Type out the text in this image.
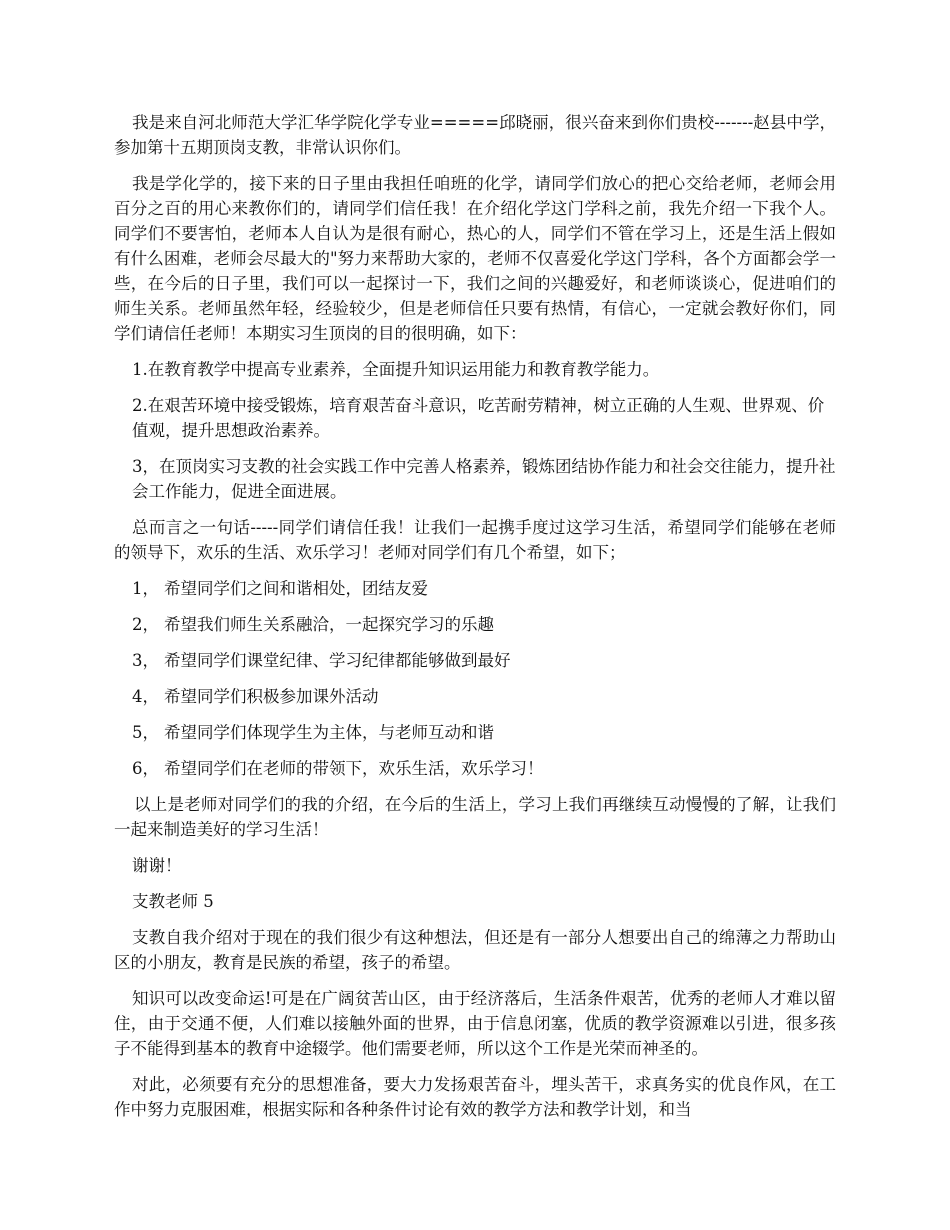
我是来自河北师范大学汇华学院化学专业=====邱晓丽，很兴奋来到你们贵校-------赵县中学，参加第十五期顶岗支教，非常认识你们。

我是学化学的，接下来的日子里由我担任咱班的化学，请同学们放心的把心交给老师，老师会用百分之百的用心来教你们的，请同学们信任我！在介绍化学这门学科之前，我先介绍一下我个人。同学们不要害怕，老师本人自认为是很有耐心，热心的人，同学们不管在学习上，还是生活上假如有什么困难，老师会尽最大的"努力来帮助大家的，老师不仅喜爱化学这门学科，各个方面都会学一些，在今后的日子里，我们可以一起探讨一下，我们之间的兴趣爱好，和老师谈谈心，促进咱们的师生关系。老师虽然年轻，经验较少，但是老师信任只要有热情，有信心，一定就会教好你们，同学们请信任老师！本期实习生顶岗的目的很明确，如下：

1.在教育教学中提高专业素养，全面提升知识运用能力和教育教学能力。

2.在艰苦环境中接受锻炼，培育艰苦奋斗意识，吃苦耐劳精神，树立正确的人生观、世界观、价值观，提升思想政治素养。

3，在顶岗实习支教的社会实践工作中完善人格素养，锻炼团结协作能力和社会交往能力，提升社会工作能力，促进全面进展。

总而言之一句话-----同学们请信任我！让我们一起携手度过这学习生活，希望同学们能够在老师的领导下，欢乐的生活、欢乐学习！老师对同学们有几个希望，如下；

1， 希望同学们之间和谐相处，团结友爱
2， 希望我们师生关系融洽，一起探究学习的乐趣
3， 希望同学们课堂纪律、学习纪律都能够做到最好
4， 希望同学们积极参加课外活动
5， 希望同学们体现学生为主体，与老师互动和谐
6， 希望同学们在老师的带领下，欢乐生活，欢乐学习！

以上是老师对同学们的我的介绍，在今后的生活上，学习上我们再继续互动慢慢的了解，让我们一起来制造美好的学习生活！

谢谢！

支教老师 5

支教自我介绍对于现在的我们很少有这种想法，但还是有一部分人想要出自己的绵薄之力帮助山区的小朋友，教育是民族的希望，孩子的希望。

知识可以改变命运!可是在广阔贫苦山区，由于经济落后，生活条件艰苦，优秀的老师人才难以留住，由于交通不便，人们难以接触外面的世界，由于信息闭塞，优质的教学资源难以引进，很多孩子不能得到基本的教育中途辍学。他们需要老师，所以这个工作是光荣而神圣的。

对此，必须要有充分的思想准备，要大力发扬艰苦奋斗，埋头苦干，求真务实的优良作风，在工作中努力克服困难，根据实际和各种条件讨论有效的教学方法和教学计划，和当
